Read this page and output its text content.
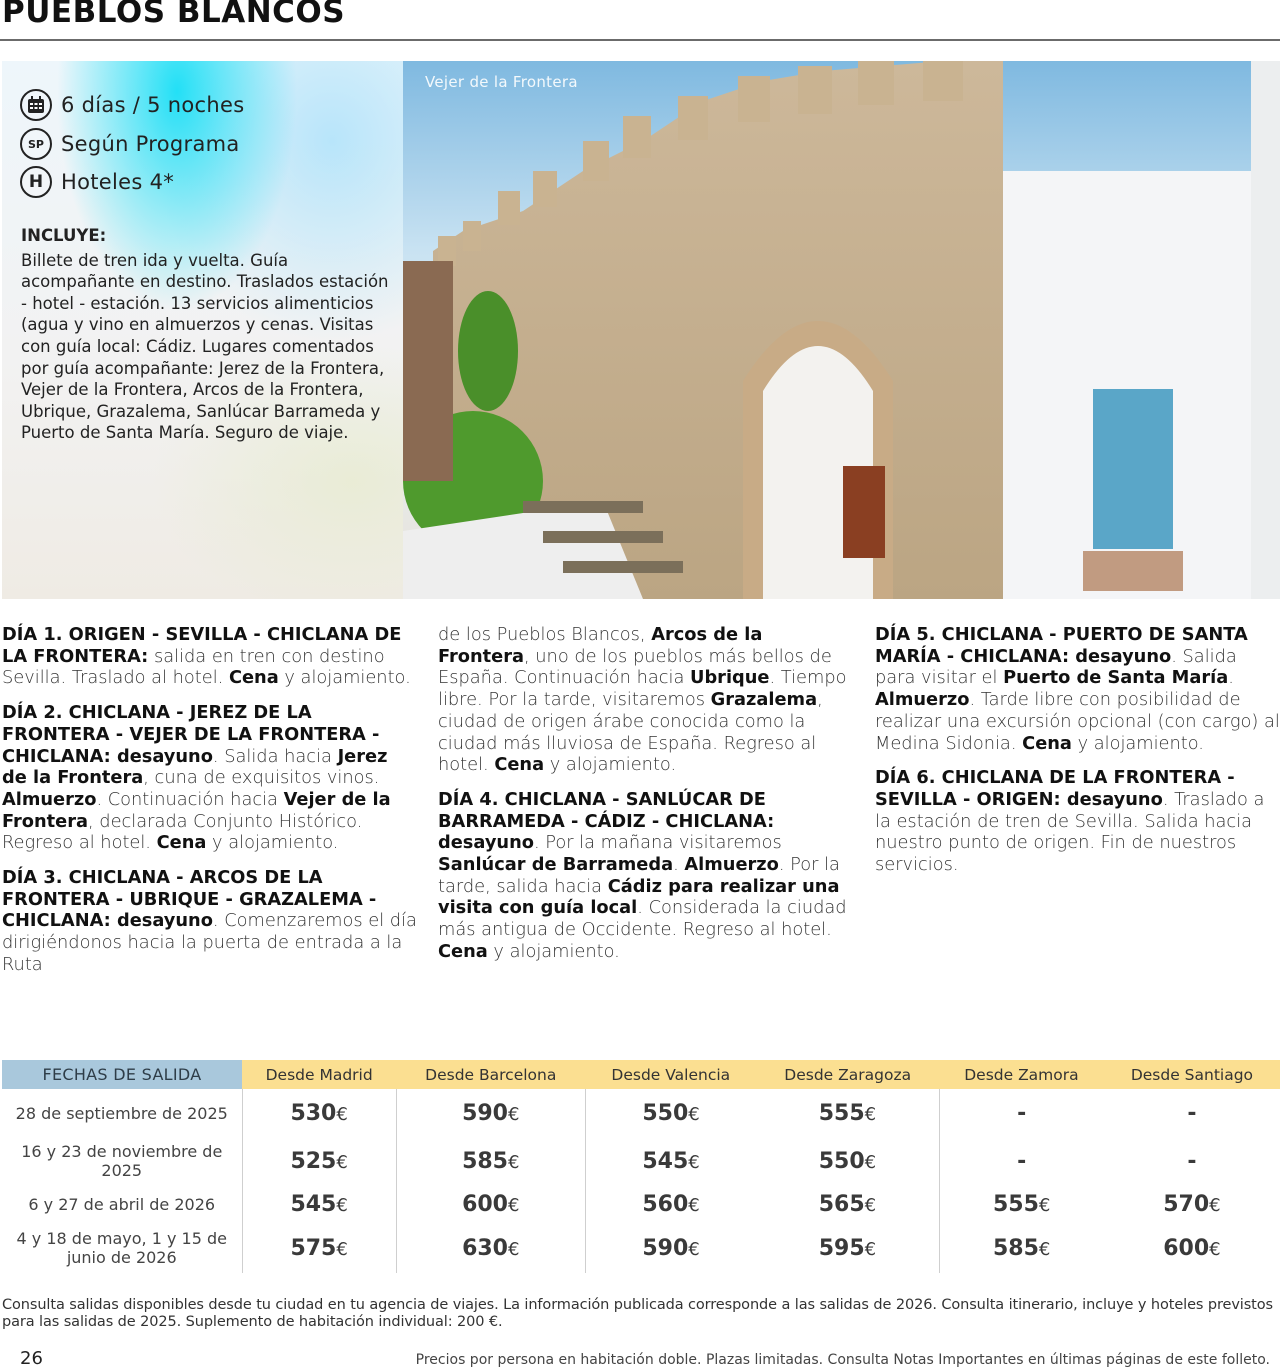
PUEBLOS BLANCOS
6 días / 5 noches
SP Según Programa
H Hoteles 4*
INCLUYE:
Billete de tren ida y vuelta. Guía acompañante en destino. Traslados estación - hotel - estación. 13 servicios alimenticios (agua y vino en almuerzos y cenas. Visitas con guía local: Cádiz. Lugares comentados por guía acompañante: Jerez de la Frontera, Vejer de la Frontera, Arcos de la Frontera, Ubrique, Grazalema, Sanlúcar Barrameda y Puerto de Santa María. Seguro de viaje.
Vejer de la Frontera

DÍA 1. ORIGEN - SEVILLA - CHICLANA DE LA FRONTERA: salida en tren con destino Sevilla. Traslado al hotel. Cena y alojamiento.

DÍA 2. CHICLANA - JEREZ DE LA FRONTERA - VEJER DE LA FRONTERA - CHICLANA: desayuno. Salida hacia Jerez de la Frontera, cuna de exquisitos vinos. Almuerzo. Continuación hacia Vejer de la Frontera, declarada Conjunto Histórico. Regreso al hotel. Cena y alojamiento.

DÍA 3. CHICLANA - ARCOS DE LA FRONTERA - UBRIQUE - GRAZALEMA - CHICLANA: desayuno. Comenzaremos el día dirigiéndonos hacia la puerta de entrada a la Ruta

de los Pueblos Blancos, Arcos de la Frontera, uno de los pueblos más bellos de España. Continuación hacia Ubrique. Tiempo libre. Por la tarde, visitaremos Grazalema, ciudad de origen árabe conocida como la ciudad más lluviosa de España. Regreso al hotel. Cena y alojamiento.

DÍA 4. CHICLANA - SANLÚCAR DE BARRAMEDA - CÁDIZ - CHICLANA: desayuno. Por la mañana visitaremos Sanlúcar de Barrameda. Almuerzo. Por la tarde, salida hacia Cádiz para realizar una visita con guía local. Considerada la ciudad más antigua de Occidente. Regreso al hotel. Cena y alojamiento.

DÍA 5. CHICLANA - PUERTO DE SANTA MARÍA - CHICLANA: desayuno. Salida para visitar el Puerto de Santa María. Almuerzo. Tarde libre con posibilidad de realizar una excursión opcional (con cargo) al Medina Sidonia. Cena y alojamiento.

DÍA 6. CHICLANA DE LA FRONTERA - SEVILLA - ORIGEN: desayuno. Traslado a la estación de tren de Sevilla. Salida hacia nuestro punto de origen. Fin de nuestros servicios.

FECHAS DE SALIDA	Desde Madrid	Desde Barcelona	Desde Valencia	Desde Zaragoza	Desde Zamora	Desde Santiago
28 de septiembre de 2025	530€	590€	550€	555€	-	-
16 y 23 de noviembre de 2025	525€	585€	545€	550€	-	-
6 y 27 de abril de 2026	545€	600€	560€	565€	555€	570€
4 y 18 de mayo, 1 y 15 de junio de 2026	575€	630€	590€	595€	585€	600€
Consulta salidas disponibles desde tu ciudad en tu agencia de viajes. La información publicada corresponde a las salidas de 2026. Consulta itinerario, incluye y hoteles previstos para las salidas de 2025. Suplemento de habitación individual: 200 €.
26	Precios por persona en habitación doble. Plazas limitadas. Consulta Notas Importantes en últimas páginas de este folleto.
